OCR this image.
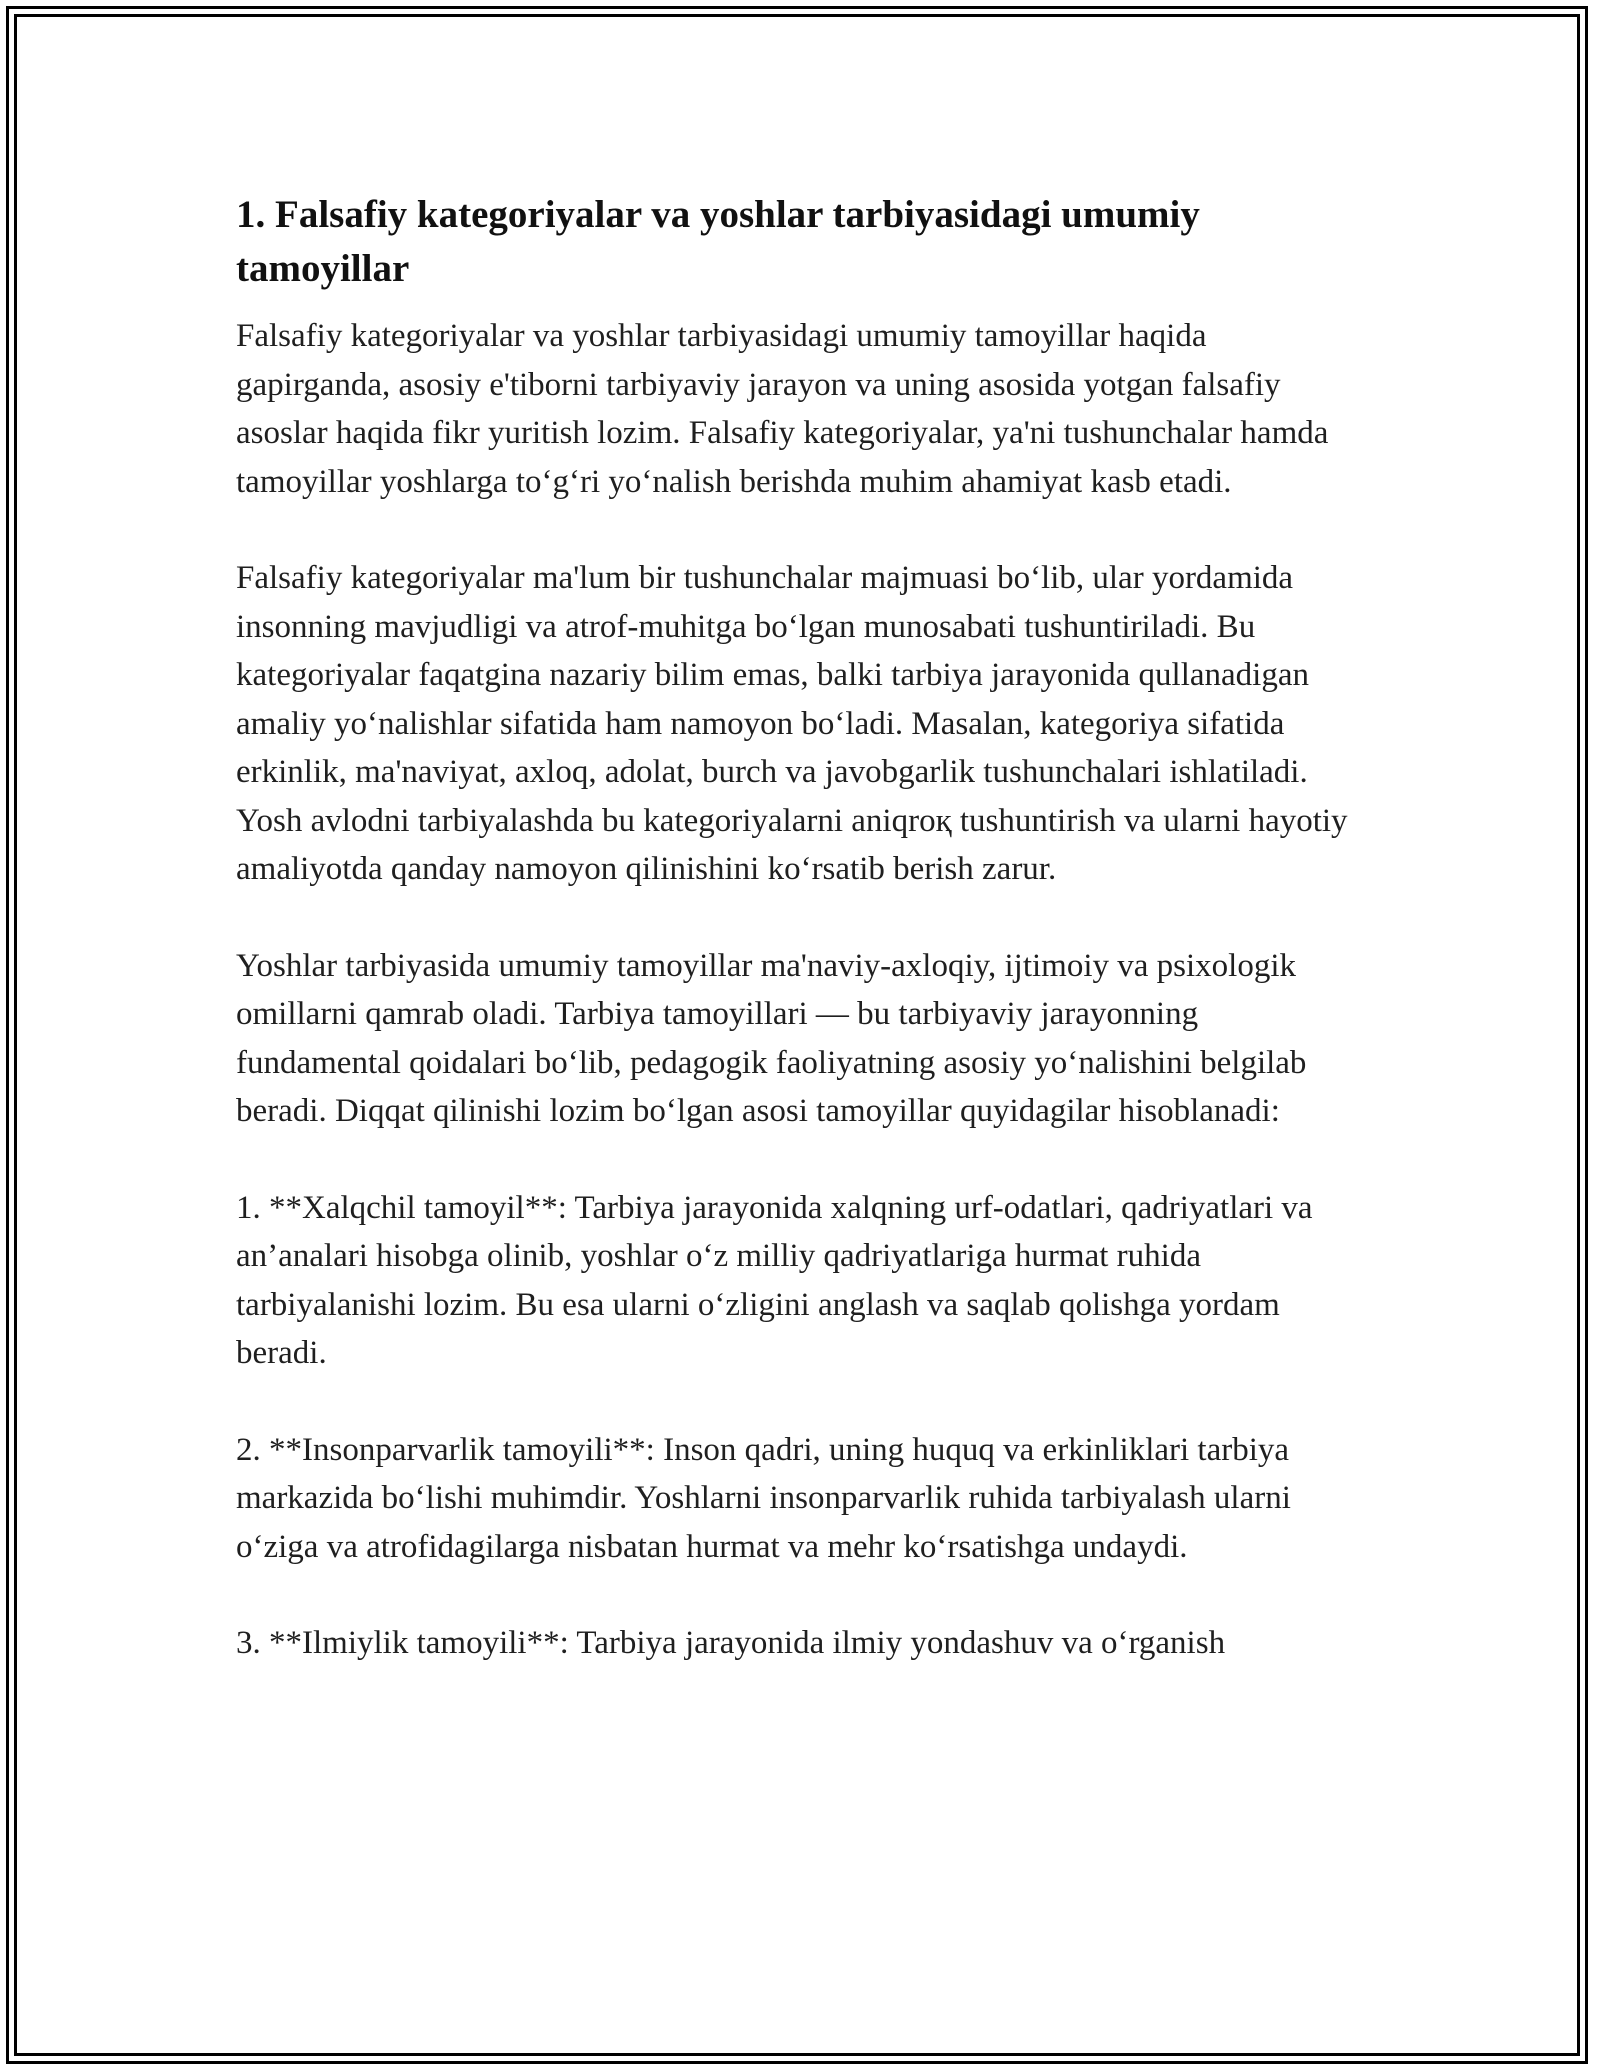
1. Falsafiy kategoriyalar va yoshlar tarbiyasidagi umumiy tamoyillar

Falsafiy kategoriyalar va yoshlar tarbiyasidagi umumiy tamoyillar haqida gapirganda, asosiy e'tiborni tarbiyaviy jarayon va uning asosida yotgan falsafiy asoslar haqida fikr yuritish lozim. Falsafiy kategoriyalar, ya'ni tushunchalar hamda tamoyillar yoshlarga to‘g‘ri yo‘nalish berishda muhim ahamiyat kasb etadi.

Falsafiy kategoriyalar ma'lum bir tushunchalar majmuasi bo‘lib, ular yordamida insonning mavjudligi va atrof-muhitga bo‘lgan munosabati tushuntiriladi. Bu kategoriyalar faqatgina nazariy bilim emas, balki tarbiya jarayonida qullanadigan amaliy yo‘nalishlar sifatida ham namoyon bo‘ladi. Masalan, kategoriya sifatida erkinlik, ma'naviyat, axloq, adolat, burch va javobgarlik tushunchalari ishlatiladi. Yosh avlodni tarbiyalashda bu kategoriyalarni aniqroқ tushuntirish va ularni hayotiy amaliyotda qanday namoyon qilinishini ko‘rsatib berish zarur.

Yoshlar tarbiyasida umumiy tamoyillar ma'naviy-axloqiy, ijtimoiy va psixologik omillarni qamrab oladi. Tarbiya tamoyillari — bu tarbiyaviy jarayonning fundamental qoidalari bo‘lib, pedagogik faoliyatning asosiy yo‘nalishini belgilab beradi. Diqqat qilinishi lozim bo‘lgan asosi tamoyillar quyidagilar hisoblanadi:

1. **Xalqchil tamoyil**: Tarbiya jarayonida xalqning urf-odatlari, qadriyatlari va an’analari hisobga olinib, yoshlar o‘z milliy qadriyatlariga hurmat ruhida tarbiyalanishi lozim. Bu esa ularni o‘zligini anglash va saqlab qolishga yordam beradi.

2. **Insonparvarlik tamoyili**: Inson qadri, uning huquq va erkinliklari tarbiya markazida bo‘lishi muhimdir. Yoshlarni insonparvarlik ruhida tarbiyalash ularni o‘ziga va atrofidagilarga nisbatan hurmat va mehr ko‘rsatishga undaydi.

3. **Ilmiylik tamoyili**: Tarbiya jarayonida ilmiy yondashuv va o‘rganish
